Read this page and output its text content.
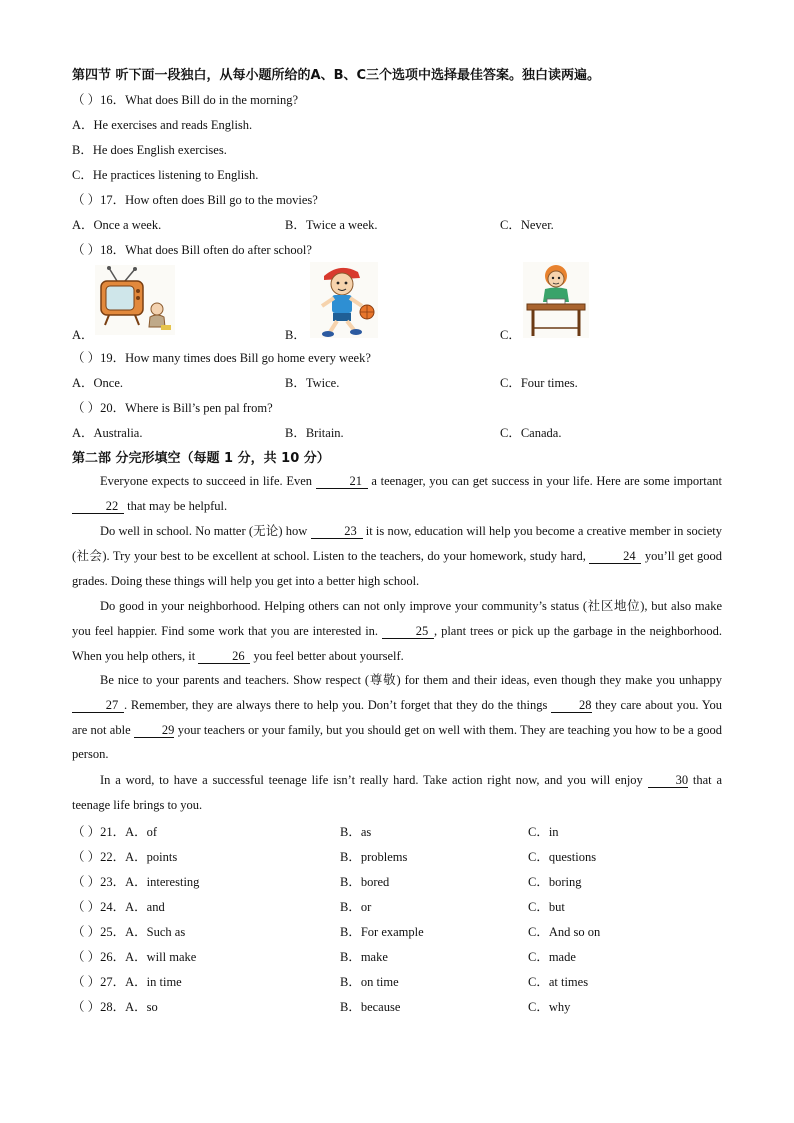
第四节 听下面一段独白，从每小题所给的A、B、C三个选项中选择最佳答案。独白读两遍。
（ ）16．What does Bill do in the morning?
A．He exercises and reads English.
B．He does English exercises.
C．He practices listening to English.
（ ）17．How often does Bill go to the movies?
A．Once a week.	B．Twice a week.	C．Never.
（ ）18．What does Bill often do after school?
A．	B．	C．
（ ）19．How many times does Bill go home every week?
A．Once.	B．Twice.	C．Four times.
（ ）20．Where is Bill’s pen pal from?
A．Australia.	B．Britain.	C．Canada.
第二部 分完形填空（每题 1 分，共 10 分）
Everyone expects to succeed in life. Even	21 a teenager, you can get success in your life. Here are some important 22 that may be helpful.
Do well in school. No matter (无论) how	23 it is now, education will help you become a creative member in society (社会). Try your best to be excellent at school. Listen to the teachers, do your homework, study hard,	24 you’ll get good grades. Doing these things will help you get into a better high school.
Do good in your neighborhood. Helping others can not only improve your community’s status (社区地位), but also make you feel happier. Find some work that you are interested in.	25 , plant trees or pick up the garbage in the neighborhood. When you help others, it	26 you feel better about yourself.
Be nice to your parents and teachers. Show respect (尊敬) for them and their ideas, even though they make you unhappy 27 . Remember, they are always there to help you. Don’t forget that they do the things 28 they care about you. You are not able 29 your teachers or your family, but you should get on well with them. They are teaching you how to be a good person.
In a word, to have a successful teenage life isn’t really hard. Take action right now, and you will enjoy 30 that a teenage life brings to you.
（ ）21．A．of	B．as	C．in
（ ）22．A．points	B．problems	C．questions
（ ）23．A．interesting	B．bored	C．boring
（ ）24．A．and	B．or	C．but
（ ）25．A．Such as	B．For example	C．And so on
（ ）26．A．will make	B．make	C．made
（ ）27．A．in time	B．on time	C．at times
（ ）28．A．so	B．because	C．why
